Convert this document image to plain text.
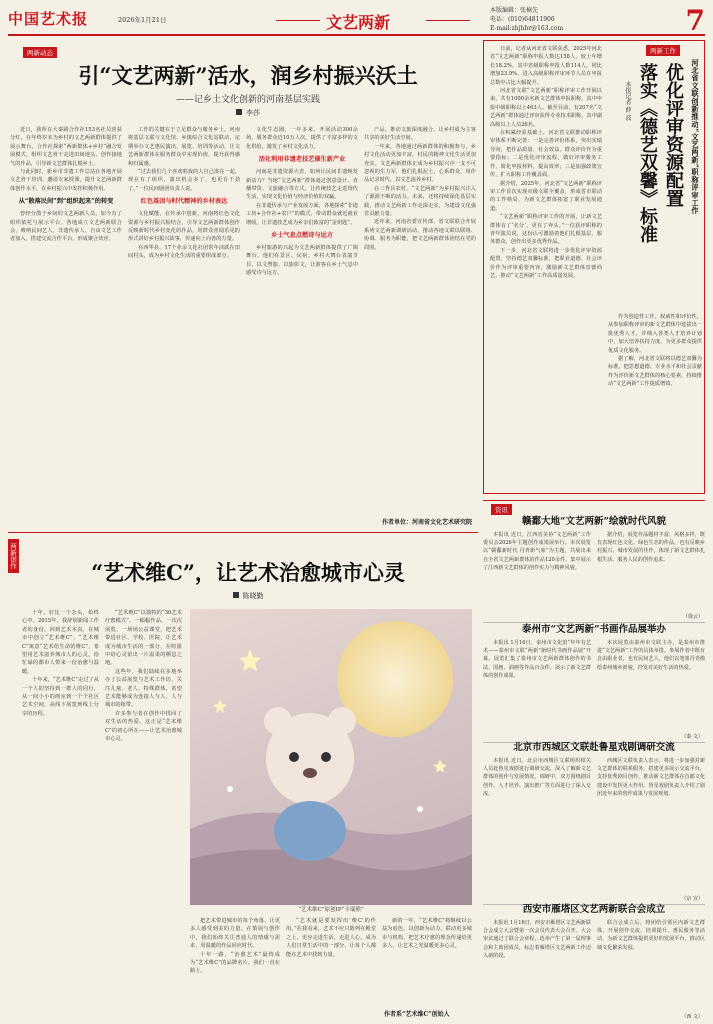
中国艺术报	2026年1月21日	文艺两新
本版编辑：张楠先
电话：(010)64811906
E-mail:zhjhbr@163.com	7
两新动态
引“文艺两新”活水，润乡村振兴沃土
——记乡土文化创新的河南基层实践
李莎

近日，我所在大秦路合作社153名社员喜获分红，在年终岁末为乡村的文艺两新群体提供了展示舞台。合作社探索“两新群体+乡村”融合发展模式，组织文艺骨干走进田间地头，创作接地气的作品，引导新文艺群体扎根乡土。

与此同时，新乡市非遗工作总站在各地开展文艺骨干培训，邀请专家授课，提升文艺两新群体创作水平，在乡村振兴中发挥积极作用。

从“散落民间”到“组织起来”的转变

曾经分散于乡间的文艺两新人员，如今有了组织依托与展示平台。各地成立文艺两新联合会，吸纳民间艺人、非遗传承人、自由文艺工作者加入，搭建交流合作平台，形成聚合效应。

工作的关键在于立足群众与服务乡土。河南将基层文联与文化馆、乡镇综合文化站联动，定期举办文艺惠民演出、展览、培训等活动，让文艺两新群体在服务群众中实现价值，提升获得感和归属感。

“过去我们几个喜欢唱戏的人自己凑在一起，现在有了组织，演出机会多了，也更有干劲了。”一位民间剧团负责人说。

红色基因与时代精神的乡村表达

文化赋能，在传承中创新。河南将红色文化资源与乡村振兴相结合，引导文艺两新群体创作反映新时代乡村变化的作品，用群众喜闻乐见的形式讲好乡村振兴故事，传递向上向善的力量。

在西华县，17个业余文化社团常年活跃在田间村头，成为乡村文化生活的重要组成部分。

文化生态圈，一年多来，开展活动300余场，服务群众近10万人次，提供了丰富多样的文化供给，激发了乡村文化活力。

活化利用非遗老技艺催生新产业

河南是非遗资源大省，如何让民间非遗焕发新活力？当地“文艺两新”群体通过创意设计、直播带货、文旅融合等方式，让传统技艺走进现代生活，实现文化价值与经济价值的双赢。

在非遗传承与产业发展方面，各地探索“非遗工坊+合作社+农户”的模式，带动群众就近就业增收，让非遗技艺成为乡亲们致富的“金钥匙”。

乡土气息点燃诗与远方

乡村旅游的兴起为文艺两新群体提供了广阔舞台。他们在景区、民宿、乡村大舞台表演节目，以文塑旅、以旅彰文，让游客在乡土气息中感受诗与远方。

产品，推动文旅深度融合，让乡村成为主客共享的美好生活空间。

一年来，各地通过两新群体的积极参与，乡村文化活动更加丰富，村民的精神文化生活更加充实。文艺两新群体正成为乡村振兴中一支不可忽视的生力军，他们扎根泥土，心系群众，用作品记录时代，以文艺滋养乡村。

在三秀县农村，“文艺两新”为乡村振兴注入了源源不断的活力。未来，还将持续深化基层实践，推动文艺两新工作走深走实，为建设文化强省贡献力量。

近年来，河南省委宣传部、省文联联合开展系列文艺两新调研活动，推动各地文联以联络、协调、服务为职能，把文艺两新群体团结在党的周围。

作者单位：河南省文化艺术研究院

日前，记者从河北省文联获悉，2025年河北省“文艺两新”职称申报人数达158人，较上年增长18.2%，其中省级职称申报人数114人，同比增加23.9%，进入高级职称评审环节人员在申报总数中占比大幅提升。

河北省文联“文艺两新”职称评审工作开展以来，共有1000余名新文艺群体申报职称，其中申报中级职称以上463人。截至目前，有207名“文艺两新”群体通过评审获得专业技术职称，其中副高级以上人员26名。

在积累经验基础上，河北省文联推动职称评审体系不断完善：一是完善评价体系，突出实绩导向，把作品质量、社会效益、群众评价作为重要指标；二是优化评审流程，做好评审服务工作，简化申报材料，提高效率；三是加强政策宣传，扩大职称工作覆盖面。

据介绍，2025年，河北省“文艺两新”职称评审工作首次实现市级文联全覆盖，形成省市联动的工作格局，为新文艺群体拓宽了职业发展通道。

“文艺两新”职称评审工作的开展，让新文艺群体有了‘名分’，更有了奔头。”一位获评职称的青年演员说，这份认可激励着他们扎根基层、服务群众，创作出更多优秀作品。

下一步，河北省文联将进一步优化评审资源配置，坚持德艺双馨标准，把职业道德、社会评价作为评审重要内容，激励新文艺群体崇德尚艺，推动“文艺两新”工作高质量发展。

两新工作
河北省文联创新推动“文艺两新”职称评审工作
优化评审资源配置
落实《德艺双馨》标准
本报记者 薛 波

作为创造性工作，权威性和评价性，从参加职称评审的新文艺群体中选拔出一批优秀人才，并纳入各类人才培养计划中，加大培养扶持力度，为更多群众提供优质文化服务。

据了解，河北省文联将以德艺双馨为标准，把思想道德、专业水平和社会贡献作为评价新文艺群体的核心要素，持续推动“文艺两新”工作提质增效。

资讯
两新创作
“艺术维C”，让艺术治愈城市心灵
陈晓勤

十年，好比一个念头，始终心中。2015年，我辞别新闻工作者的身份，回到艺术本真，在城市中创立“艺术维C”，“艺术维C”寓意“艺术给生命的维C”，希望用艺术滋养城市人的心灵，给忙碌的都市人带来一份治愈与温暖。

十年来，“艺术维C”走过了从一个人的坚持到一群人的同行，从一间小小的画室到一个个社区艺术空间，从线下展览到线上分享的历程。

“艺术维C”以独特的“30艺术疗愈模式”，一幅幅作品、一次次展览、一场场公益课堂，把艺术带进社区、学校、医院，让艺术成为城市生活的一部分，在喧嚣中给心灵留出一片温柔的栖息之地。

这些年，我们陆续在多地举办了公益展览与艺术工作坊，关注儿童、老人、特殊群体，希望艺术能够成为连接人与人、人与城市的纽带。

许多参与者在创作中找回了对生活的热爱，这正是“艺术维C”的初心所在——让艺术治愈城市心灵。

“艺术维C”原创IP“卡瑞熊”

把艺术带进城市的每个角落，让更多人感受到美的力量。在策展与创作中，我们始终关注普通人的情感与需求，用温暖的作品回应时代。

十年一路，“治愈艺术”最终成为“艺术维C”的品牌名片，我们一直在路上。

“艺术就是要发挥出’维C’的作用。”在我看来，艺术不应只陈列在殿堂之上，更应走进生活，走进人心，成为人们日常生活中的一部分，让每个人都能在艺术中找到力量。

新的一年，“艺术维C”将继续以公益为底色，以创新为动力，联动更多城市与机构，把艺术疗愈的理念传递给更多人，让艺术之光温暖更多心灵。

作者系“艺术维C”创始人
赣鄱大地“文艺两新”绘就时代风貌

本报讯 近日，江西省美协“文艺两新”工作委员会2026年主题创作成果展举行。本次展览以“赣鄱新时代 丹青新气象”为主题，共展出来自全省文艺两新群体的作品120余件，集中展示了江西新文艺群体的创作实力与精神风貌。

据介绍，展览作品题材丰富、风格多样，既有表现红色文化、绿色生态的作品，也有反映乡村振兴、城市发展的佳作，体现了新文艺群体扎根生活、服务人民的创作追求。

（徐云）
泰州市“文艺两新”书画作品展举办

本报讯 1月16日，泰州市文化馆“年年有艺术——泰州市文联“两新”新时代书画作品展”开幕。展览汇集了泰州市文艺两新群体创作的书法、国画、油画等作品百余件，展示了新文艺群体的创作成果。

本次展览由泰州市文联主办，是泰州市推进“文艺两新”工作的具体举措。参展作者中既有自由职业者，也有民间艺人，他们以笔墨丹青描绘泰州城乡新貌，抒发对美好生活的热爱。

（泰 文）
北京市西城区文联赴鲁星戏剧调研交流

本报讯 近日，北京市西城区文联组织相关人员赴鲁星戏剧进行调研交流，深入了解新文艺群体的创作与发展情况。调研中，双方围绕剧目创作、人才培养、演出推广等方面进行了深入交流。

西城区文联负责人表示，将进一步加强对新文艺群体的联系服务，搭建更多展示交流平台，支持优秀剧目创作，推动新文艺群体在首都文化建设中发挥更大作用。鲁星戏剧负责人介绍了剧团近年来的创作成果与发展规划。

（京 宣）
西安市雁塔区文艺两新联合会成立

本报讯 1月16日，西安市雁塔区文艺两新联合会成立大会暨第一次会员代表大会召开。大会审议通过了联合会章程，选举产生了第一届理事会和主席团成员，标志着雁塔区文艺两新工作迈入新阶段。

联合会成立后，将团结引领区内新文艺群体，开展创作交流、培训提升、惠民服务等活动，为新文艺群体提供更好的发展平台，推动区域文化繁荣发展。

（西 文）
